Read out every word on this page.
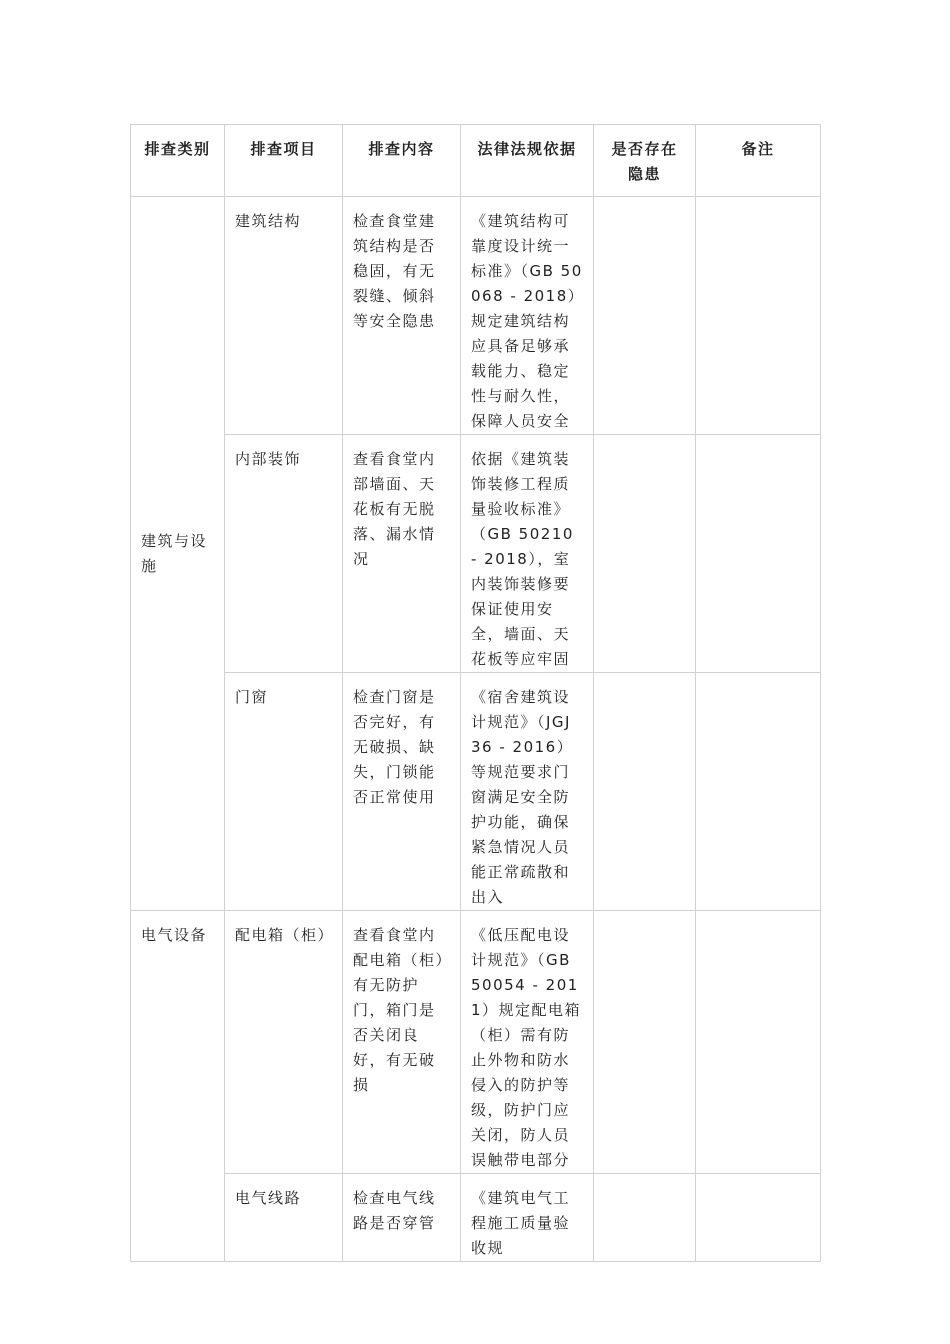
排查类别	排查项目	排查内容	法律法规依据	是否存在隐患	备注
建筑与设施	建筑结构	检查食堂建筑结构是否稳固，有无裂缝、倾斜等安全隐患	《建筑结构可靠度设计统一标准》（GB 50068 - 2018）规定建筑结构应具备足够承载能力、稳定性与耐久性，保障人员安全		
	内部装饰	查看食堂内部墙面、天花板有无脱落、漏水情况	依据《建筑装饰装修工程质量验收标准》（GB 50210 - 2018），室内装饰装修要保证使用安全，墙面、天花板等应牢固		
	门窗	检查门窗是否完好，有无破损、缺失，门锁能否正常使用	《宿舍建筑设计规范》（JGJ 36 - 2016）等规范要求门窗满足安全防护功能，确保紧急情况人员能正常疏散和出入		
电气设备	配电箱（柜）	查看食堂内配电箱（柜）有无防护门，箱门是否关闭良好，有无破损	《低压配电设计规范》（GB 50054 - 2011）规定配电箱（柜）需有防止外物和防水侵入的防护等级，防护门应关闭，防人员误触带电部分		
	电气线路	检查电气线路是否穿管	《建筑电气工程施工质量验收规		
